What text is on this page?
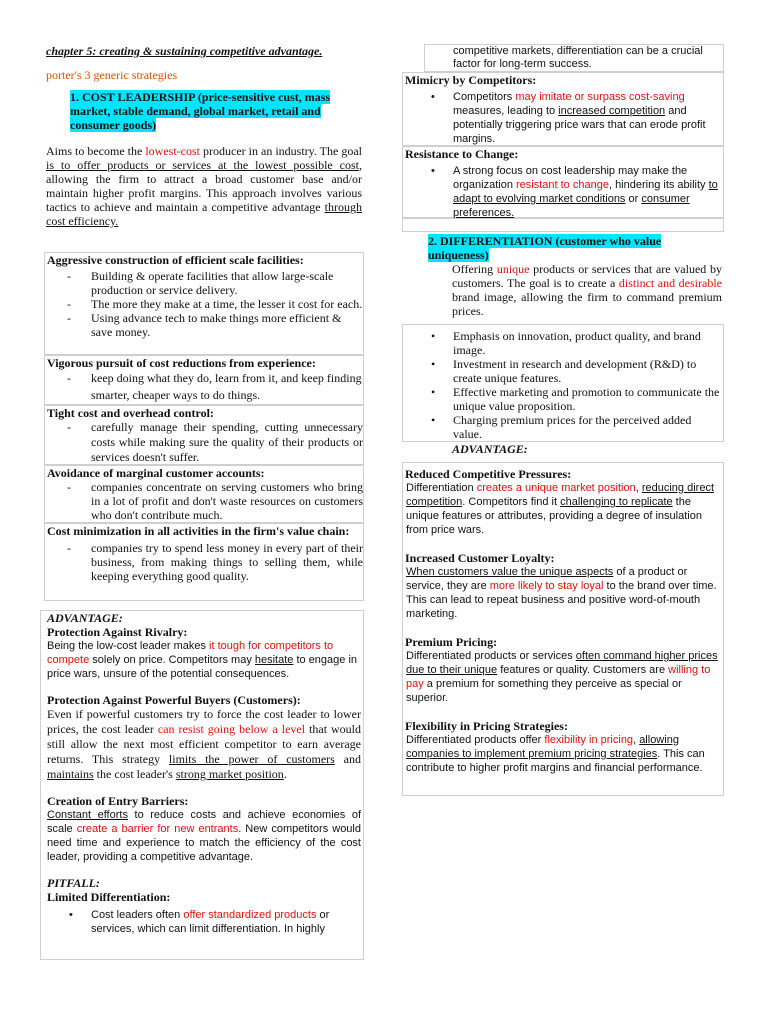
chapter 5: creating & sustaining competitive advantage.
porter's 3 generic strategies
1. COST LEADERSHIP (price-sensitive cust, mass market, stable demand, global market, retail and consumer goods)

Aims to become the lowest-cost producer in an industry. The goal is to offer products or services at the lowest possible cost, allowing the firm to attract a broad customer base and/or maintain higher profit margins. This approach involves various tactics to achieve and maintain a competitive advantage through cost efficiency.

Aggressive construction of efficient scale facilities:
- Building & operate facilities that allow large-scale production or service delivery.
- The more they make at a time, the lesser it cost for each.
- Using advance tech to make things more efficient & save money.
Vigorous pursuit of cost reductions from experience:
- keep doing what they do, learn from it, and keep finding smarter, cheaper ways to do things.
Tight cost and overhead control:
- carefully manage their spending, cutting unnecessary costs while making sure the quality of their products or services doesn't suffer.
Avoidance of marginal customer accounts:
- companies concentrate on serving customers who bring in a lot of profit and don't waste resources on customers who don't contribute much.
Cost minimization in all activities in the firm's value chain:
- companies try to spend less money in every part of their business, from making things to selling them, while keeping everything good quality.
ADVANTAGE:
Protection Against Rivalry:

Being the low-cost leader makes it tough for competitors to compete solely on price. Competitors may hesitate to engage in price wars, unsure of the potential consequences.

Protection Against Powerful Buyers (Customers):

Even if powerful customers try to force the cost leader to lower prices, the cost leader can resist going below a level that would still allow the next most efficient competitor to earn average returns. This strategy limits the power of customers and maintains the cost leader's strong market position.

Creation of Entry Barriers:

Constant efforts to reduce costs and achieve economies of scale create a barrier for new entrants. New competitors would need time and experience to match the efficiency of the cost leader, providing a competitive advantage.

PITFALL:
Limited Differentiation:
• Cost leaders often offer standardized products or services, which can limit differentiation. In highly
competitive markets, differentiation can be a crucial factor for long-term success.
Mimicry by Competitors:
• Competitors may imitate or surpass cost-saving measures, leading to increased competition and potentially triggering price wars that can erode profit margins.
Resistance to Change:
• A strong focus on cost leadership may make the organization resistant to change, hindering its ability to adapt to evolving market conditions or consumer preferences.
2. DIFFERENTIATION (customer who value uniqueness)

Offering unique products or services that are valued by customers. The goal is to create a distinct and desirable brand image, allowing the firm to command premium prices.

• Emphasis on innovation, product quality, and brand image.
• Investment in research and development (R&D) to create unique features.
• Effective marketing and promotion to communicate the unique value proposition.
• Charging premium prices for the perceived added value.
ADVANTAGE:
Reduced Competitive Pressures:

Differentiation creates a unique market position, reducing direct competition. Competitors find it challenging to replicate the unique features or attributes, providing a degree of insulation from price wars.

Increased Customer Loyalty:

When customers value the unique aspects of a product or service, they are more likely to stay loyal to the brand over time. This can lead to repeat business and positive word-of-mouth marketing.

Premium Pricing:

Differentiated products or services often command higher prices due to their unique features or quality. Customers are willing to pay a premium for something they perceive as special or superior.

Flexibility in Pricing Strategies:

Differentiated products offer flexibility in pricing, allowing companies to implement premium pricing strategies. This can contribute to higher profit margins and financial performance.
